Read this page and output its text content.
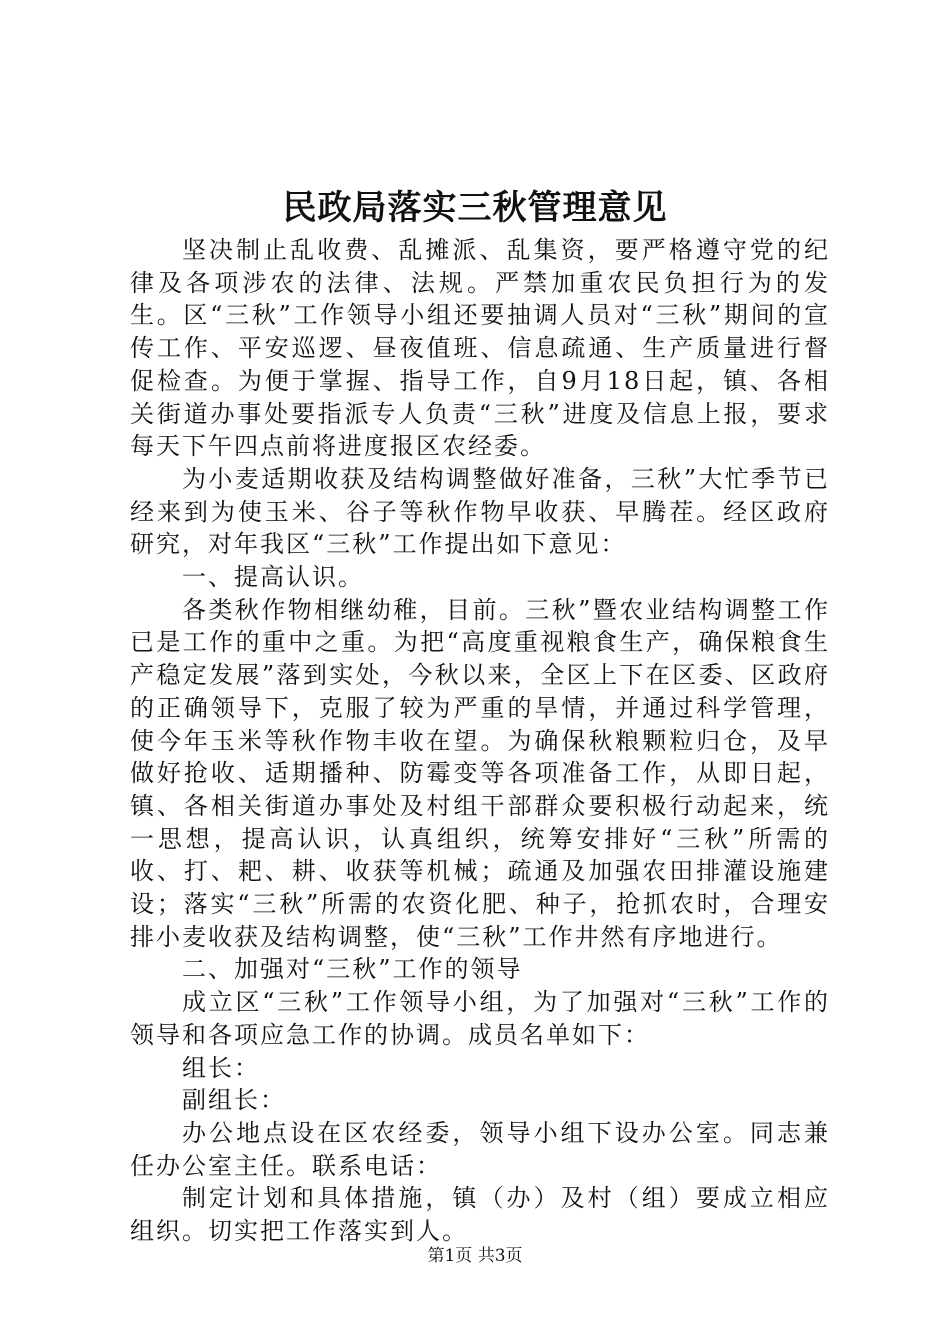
民政局落实三秋管理意见

坚决制止乱收费、乱摊派、乱集资，要严格遵守党的纪律及各项涉农的法律、法规。严禁加重农民负担行为的发生。区“三秋”工作领导小组还要抽调人员对“三秋”期间的宣传工作、平安巡逻、昼夜值班、信息疏通、生产质量进行督促检查。为便于掌握、指导工作，自9月18日起，镇、各相关街道办事处要指派专人负责“三秋”进度及信息上报，要求每天下午四点前将进度报区农经委。

为小麦适期收获及结构调整做好准备，三秋”大忙季节已经来到为使玉米、谷子等秋作物早收获、早腾茬。经区政府研究，对年我区“三秋”工作提出如下意见：

一、提高认识。

各类秋作物相继幼稚，目前。三秋”暨农业结构调整工作已是工作的重中之重。为把“高度重视粮食生产，确保粮食生产稳定发展”落到实处，今秋以来，全区上下在区委、区政府的正确领导下，克服了较为严重的旱情，并通过科学管理，使今年玉米等秋作物丰收在望。为确保秋粮颗粒归仓，及早做好抢收、适期播种、防霉变等各项准备工作，从即日起，镇、各相关街道办事处及村组干部群众要积极行动起来，统一思想，提高认识，认真组织，统筹安排好“三秋”所需的收、打、耙、耕、收获等机械；疏通及加强农田排灌设施建设；落实“三秋”所需的农资化肥、种子，抢抓农时，合理安排小麦收获及结构调整，使“三秋”工作井然有序地进行。

二、加强对“三秋”工作的领导

成立区“三秋”工作领导小组，为了加强对“三秋”工作的领导和各项应急工作的协调。成员名单如下：

组长：

副组长：

办公地点设在区农经委，领导小组下设办公室。同志兼任办公室主任。联系电话：

制定计划和具体措施，镇（办）及村（组）要成立相应组织。切实把工作落实到人。

第1页 共3页
